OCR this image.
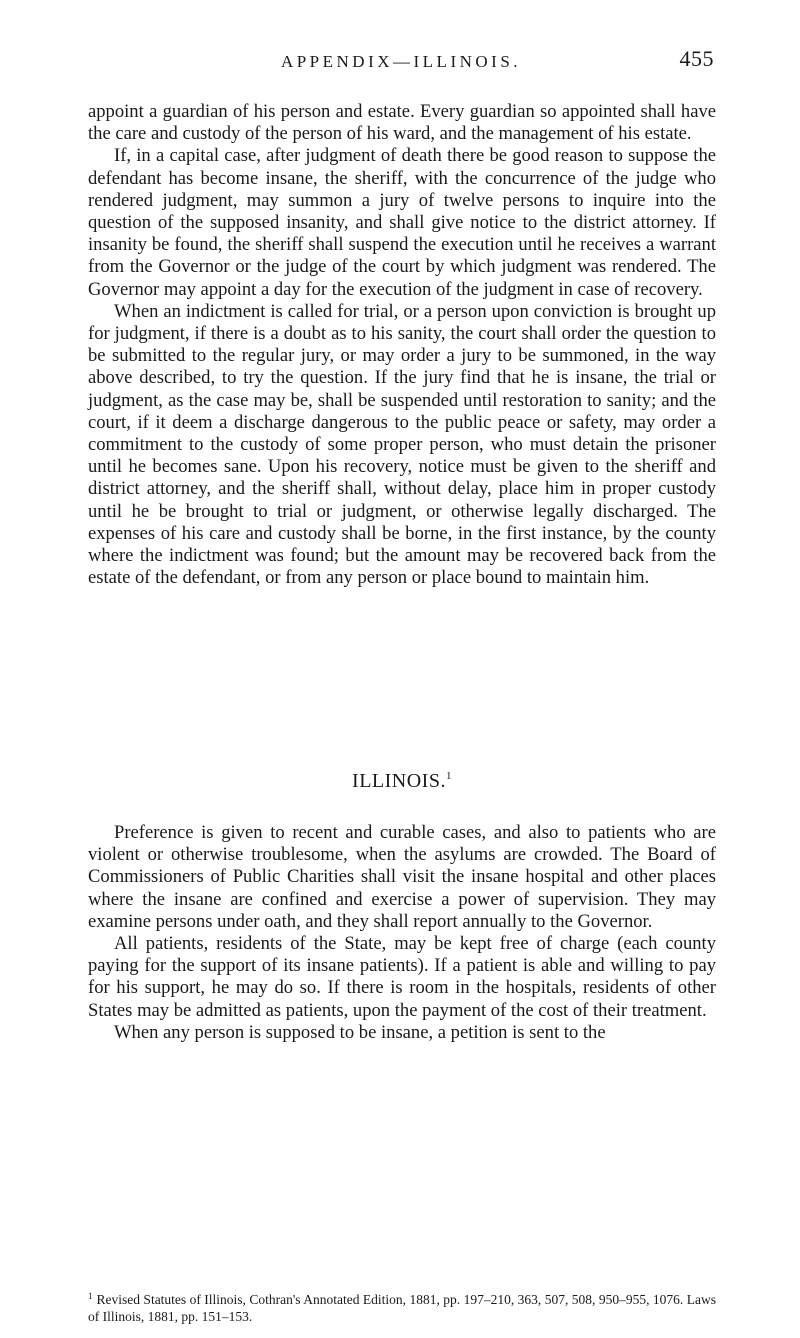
APPENDIX—ILLINOIS.	455

appoint a guardian of his person and estate. Every guardian so appointed shall have the care and custody of the person of his ward, and the management of his estate.

If, in a capital case, after judgment of death there be good reason to suppose the defendant has become insane, the sheriff, with the concurrence of the judge who rendered judgment, may summon a jury of twelve persons to inquire into the question of the supposed insanity, and shall give notice to the district attorney. If insanity be found, the sheriff shall suspend the execution until he receives a warrant from the Governor or the judge of the court by which judgment was rendered. The Governor may appoint a day for the execution of the judgment in case of recovery.

When an indictment is called for trial, or a person upon conviction is brought up for judgment, if there is a doubt as to his sanity, the court shall order the question to be submitted to the regular jury, or may order a jury to be summoned, in the way above described, to try the question. If the jury find that he is insane, the trial or judgment, as the case may be, shall be suspended until restoration to sanity; and the court, if it deem a discharge dangerous to the public peace or safety, may order a commitment to the custody of some proper person, who must detain the prisoner until he becomes sane. Upon his recovery, notice must be given to the sheriff and district attorney, and the sheriff shall, without delay, place him in proper custody until he be brought to trial or judgment, or otherwise legally discharged. The expenses of his care and custody shall be borne, in the first instance, by the county where the indictment was found; but the amount may be recovered back from the estate of the defendant, or from any person or place bound to maintain him.

ILLINOIS.$^1$

Preference is given to recent and curable cases, and also to patients who are violent or otherwise troublesome, when the asylums are crowded. The Board of Commissioners of Public Charities shall visit the insane hospital and other places where the insane are confined and exercise a power of supervision. They may examine persons under oath, and they shall report annually to the Governor.

All patients, residents of the State, may be kept free of charge (each county paying for the support of its insane patients). If a patient is able and willing to pay for his support, he may do so. If there is room in the hospitals, residents of other States may be admitted as patients, upon the payment of the cost of their treatment.

When any person is supposed to be insane, a petition is sent to the

$^1$ Revised Statutes of Illinois, Cothran's Annotated Edition, 1881, pp. 197–210, 363, 507, 508, 950–955, 1076. Laws of Illinois, 1881, pp. 151–153.
